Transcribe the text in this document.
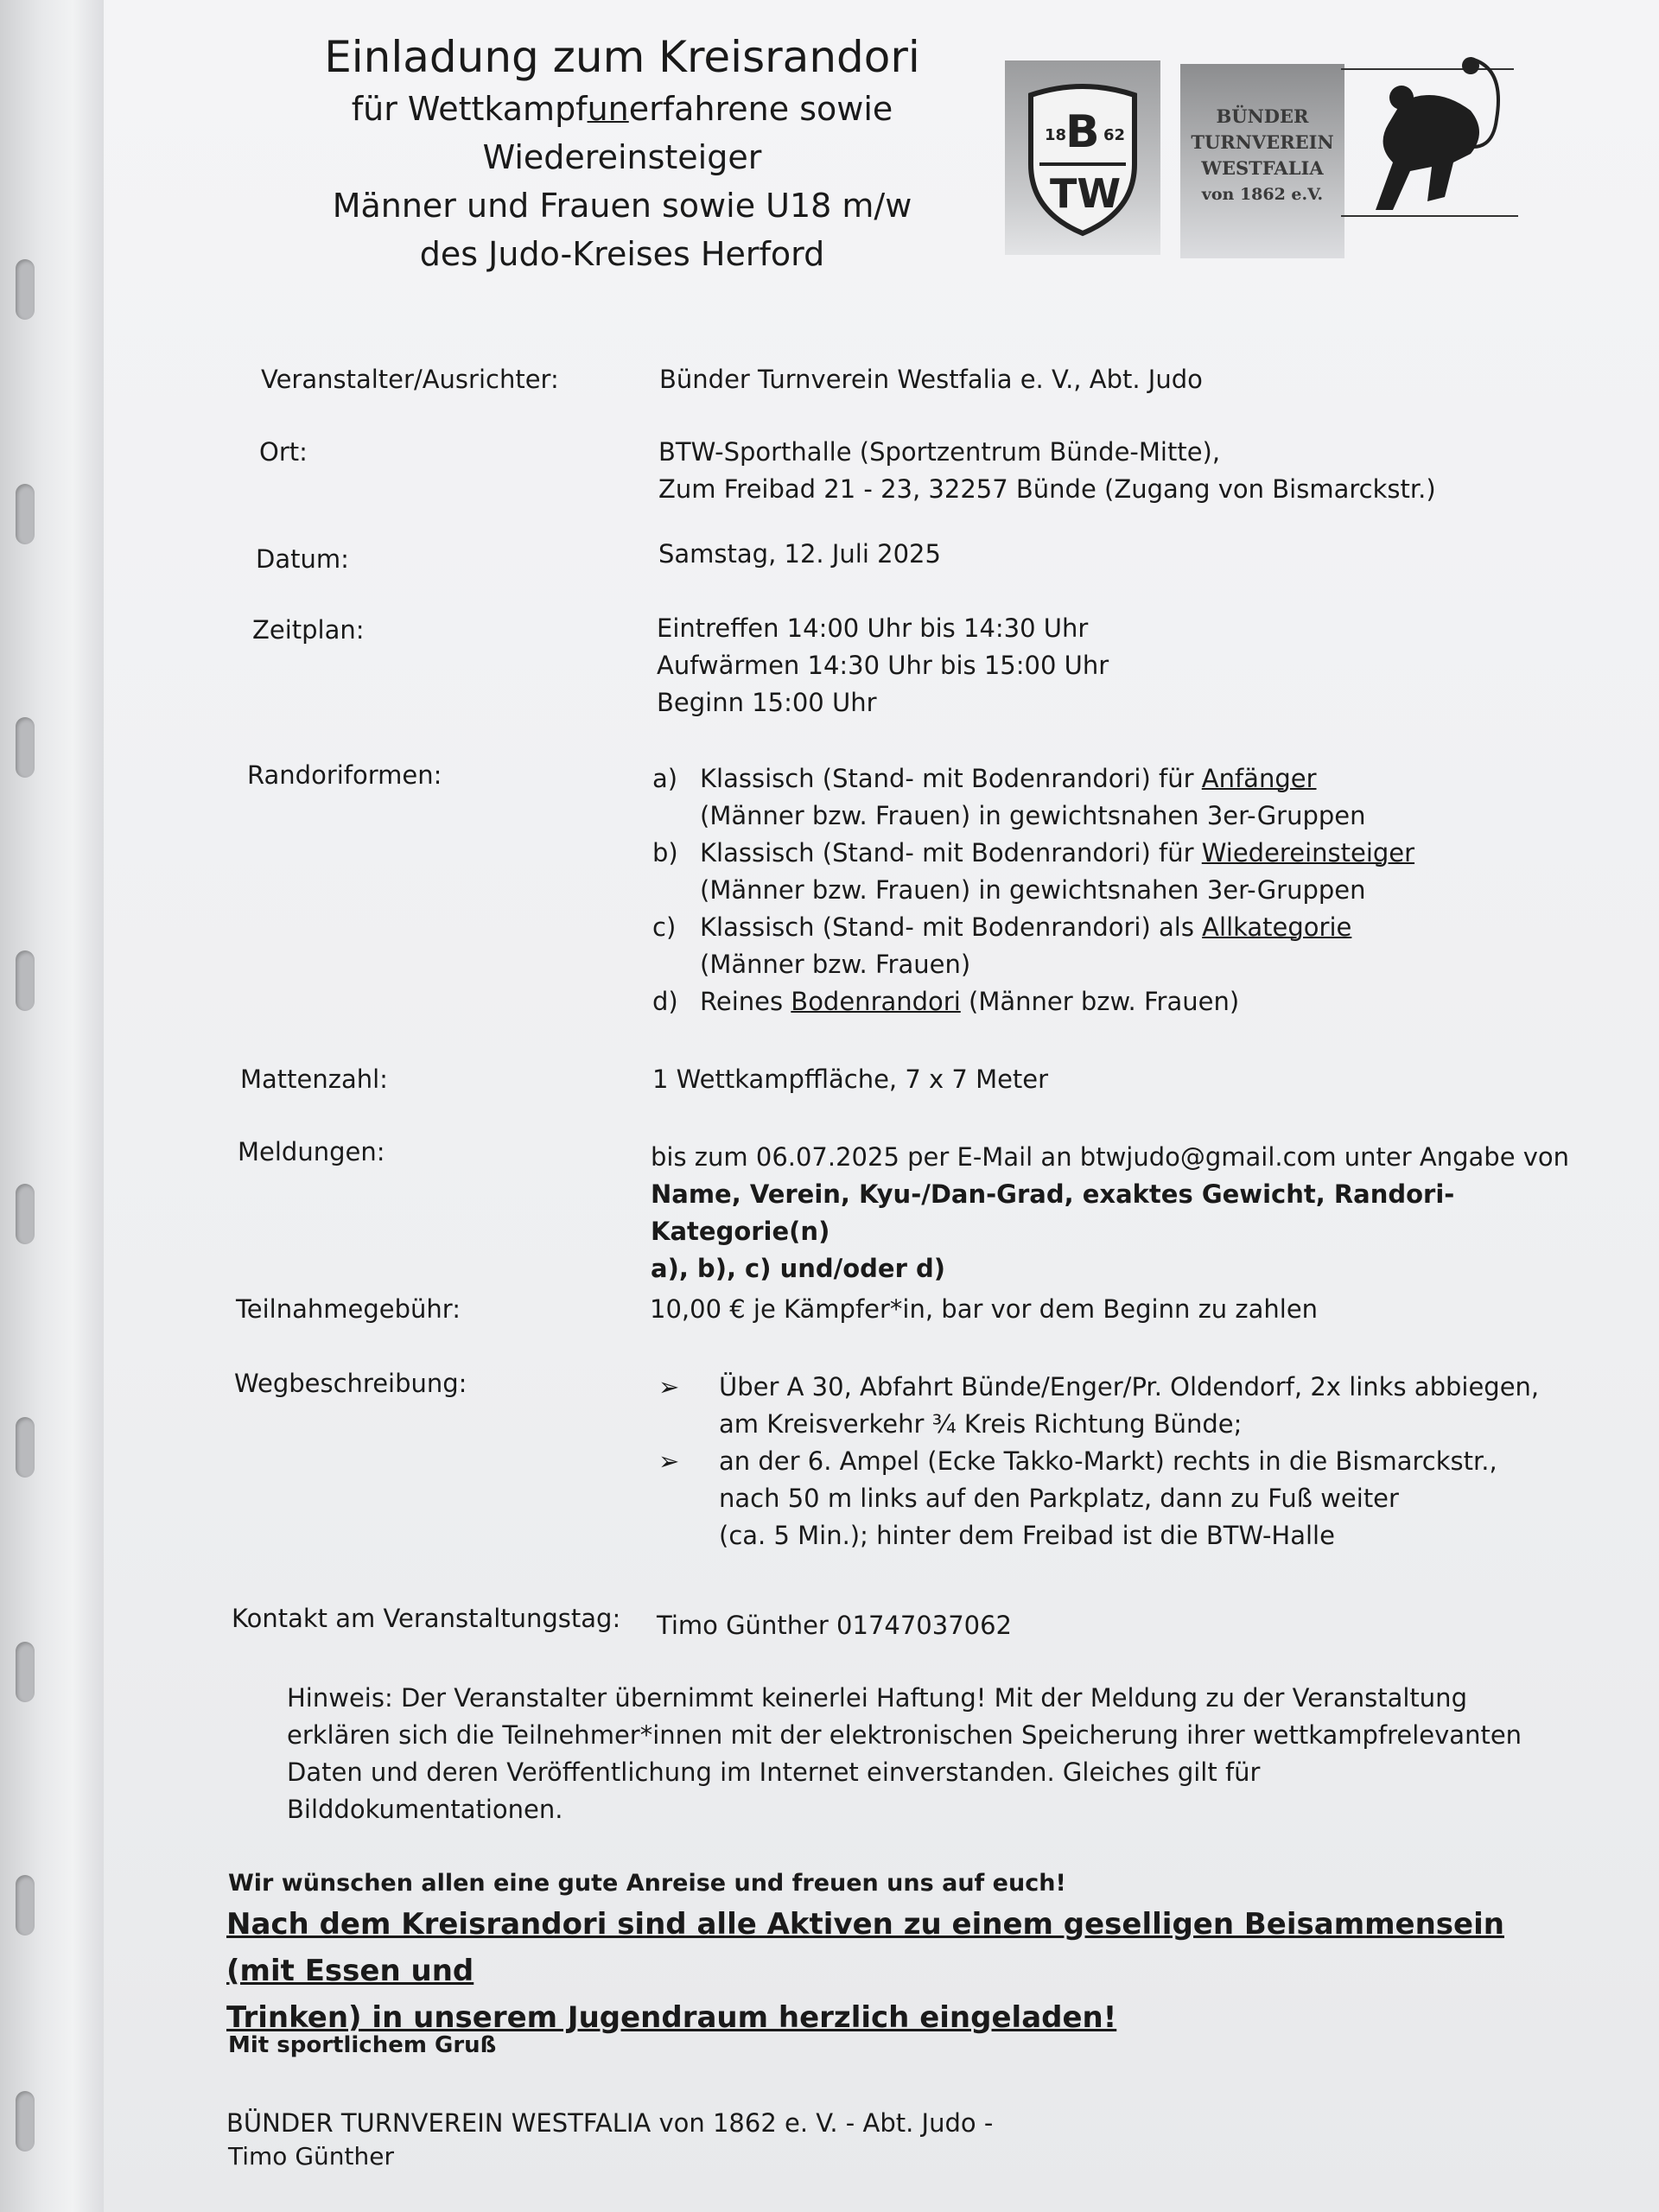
Einladung zum Kreisrandori
für Wettkampfunerfahrene sowie
Wiedereinsteiger
Männer und Frauen sowie U18 m/w
des Judo-Kreises Herford
18
B 62
TW
BÜNDER
TURNVEREIN
WESTFALIA
von 1862 e.V.
Veranstalter/Ausrichter:	Bünder Turnverein Westfalia e. V., Abt. Judo
Ort:	BTW-Sporthalle (Sportzentrum Bünde-Mitte),
Zum Freibad 21 - 23, 32257 Bünde (Zugang von Bismarckstr.)
Datum:	Samstag, 12. Juli 2025
Zeitplan:	Eintreffen 14:00 Uhr bis 14:30 Uhr
Aufwärmen 14:30 Uhr bis 15:00 Uhr
Beginn 15:00 Uhr
Randoriformen:	a) Klassisch (Stand- mit Bodenrandori) für Anfänger
(Männer bzw. Frauen) in gewichtsnahen 3er-Gruppen
b) Klassisch (Stand- mit Bodenrandori) für Wiedereinsteiger
(Männer bzw. Frauen) in gewichtsnahen 3er-Gruppen
c) Klassisch (Stand- mit Bodenrandori) als Allkategorie
(Männer bzw. Frauen)
d) Reines Bodenrandori (Männer bzw. Frauen)
Mattenzahl:	1 Wettkampffläche, 7 x 7 Meter
Meldungen:	bis zum 06.07.2025 per E-Mail an btwjudo@gmail.com unter Angabe von
Name, Verein, Kyu-/Dan-Grad, exaktes Gewicht, Randori-Kategorie(n)
a), b), c) und/oder d)
Teilnahmegebühr:	10,00 € je Kämpfer*in, bar vor dem Beginn zu zahlen
Wegbeschreibung:	➢	Über A 30, Abfahrt Bünde/Enger/Pr. Oldendorf, 2x links abbiegen,
am Kreisverkehr ¾ Kreis Richtung Bünde;
➢	an der 6. Ampel (Ecke Takko-Markt) rechts in die Bismarckstr.,
nach 50 m links auf den Parkplatz, dann zu Fuß weiter
(ca. 5 Min.); hinter dem Freibad ist die BTW-Halle
Kontakt am Veranstaltungstag: Timo Günther 01747037062
Hinweis: Der Veranstalter übernimmt keinerlei Haftung! Mit der Meldung zu der Veranstaltung
erklären sich die Teilnehmer*innen mit der elektronischen Speicherung ihrer wettkampfrelevanten
Daten und deren Veröffentlichung im Internet einverstanden. Gleiches gilt für
Bilddokumentationen.
Wir wünschen allen eine gute Anreise und freuen uns auf euch!
Nach dem Kreisrandori sind alle Aktiven zu einem geselligen Beisammensein (mit Essen und
Trinken) in unserem Jugendraum herzlich eingeladen!
Mit sportlichem Gruß
BÜNDER TURNVEREIN WESTFALIA von 1862 e. V. - Abt. Judo -
Timo Günther
